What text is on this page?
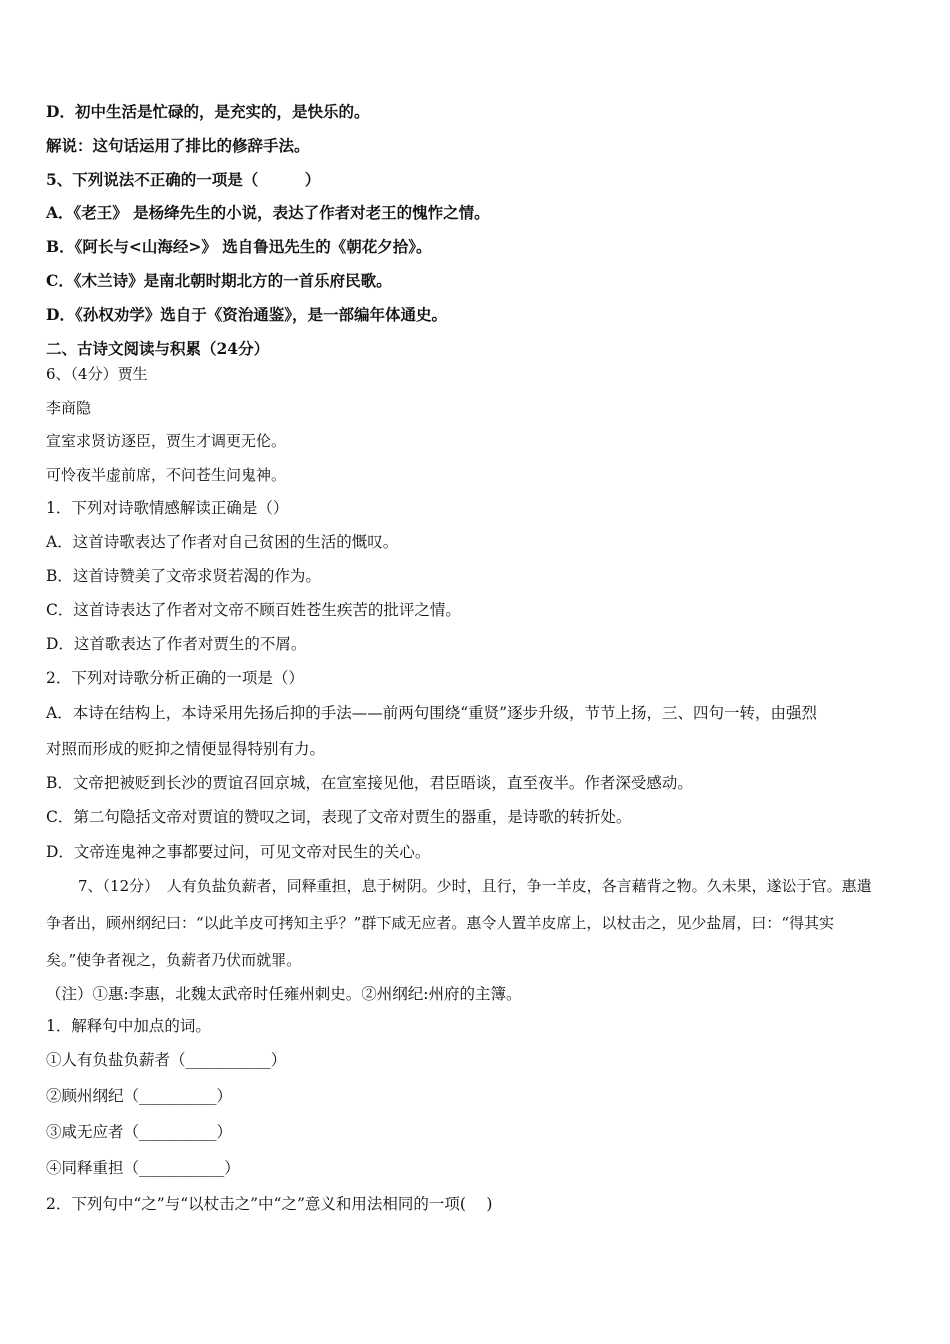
D．初中生活是忙碌的，是充实的，是快乐的。
解说：这句话运用了排比的修辞手法。
5、下列说法不正确的一项是（　　　）
A．《老王》 是杨绛先生的小说，表达了作者对老王的愧怍之情。
B．《阿长与<山海经>》 选自鲁迅先生的《朝花夕拾》。
C．《木兰诗》是南北朝时期北方的一首乐府民歌。
D．《孙权劝学》选自于《资治通鉴》，是一部编年体通史。
二、古诗文阅读与积累（24分）
6、（4分）贾生
李商隐
宣室求贤访逐臣，贾生才调更无伦。
可怜夜半虚前席，不问苍生问鬼神。
1．下列对诗歌情感解读正确是（）
A．这首诗歌表达了作者对自己贫困的生活的慨叹。
B．这首诗赞美了文帝求贤若渴的作为。
C．这首诗表达了作者对文帝不顾百姓苍生疾苦的批评之情。
D．这首歌表达了作者对贾生的不屑。
2．下列对诗歌分析正确的一项是（）
A．本诗在结构上，本诗采用先扬后抑的手法——前两句围绕“重贤”逐步升级，节节上扬，三、四句一转，由强烈
对照而形成的贬抑之情便显得特别有力。
B．文帝把被贬到长沙的贾谊召回京城，在宣室接见他，君臣晤谈，直至夜半。作者深受感动。
C．第二句隐括文帝对贾谊的赞叹之词，表现了文帝对贾生的器重，是诗歌的转折处。
D．文帝连鬼神之事都要过问，可见文帝对民生的关心。
7、（12分）　人有负盐负薪者，同释重担，息于树阴。少时，且行，争一羊皮，各言藉背之物。久未果，遂讼于官。惠遣
争者出，顾州纲纪曰：“以此羊皮可拷知主乎？”群下咸无应者。惠令人置羊皮席上，以杖击之，见少盐屑，曰：“得其实
矣。”使争者视之，负薪者乃伏而就罪。
（注）①惠:李惠，北魏太武帝时任雍州刺史。②州纲纪:州府的主簿。
1．解释句中加点的词。
①人有负盐负薪者（___________）
②顾州纲纪（__________）
③咸无应者（__________）
④同释重担（___________）
2．下列句中“之”与“以杖击之”中“之”意义和用法相同的一项(　 )
